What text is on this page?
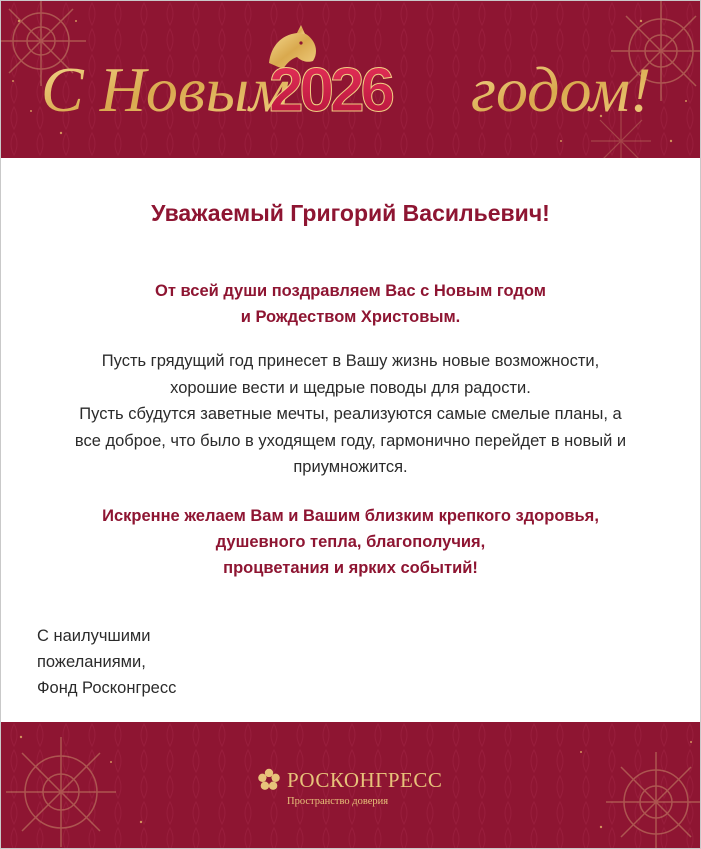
С Новым
2026 годом!
Уважаемый Григорий Васильевич!
От всей души поздравляем Вас с Новым годом
и Рождеством Христовым.
Пусть грядущий год принесет в Вашу жизнь новые возможности,
хорошие вести и щедрые поводы для радости.
Пусть сбудутся заветные мечты, реализуются самые смелые планы, а
все доброе, что было в уходящем году, гармонично перейдет в новый и
приумножится.
Искренне желаем Вам и Вашим близким крепкого здоровья,
душевного тепла, благополучия,
процветания и ярких событий!
С наилучшими
пожеланиями,
Фонд Росконгресс
РОСКОНГРЕСС
Пространство доверия
